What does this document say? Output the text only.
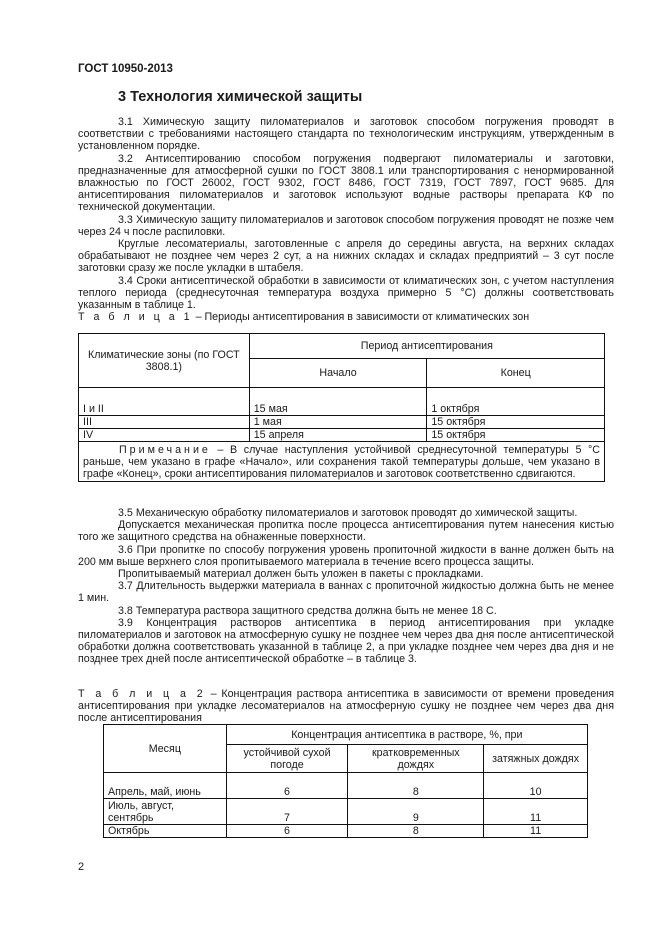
ГОСТ 10950-2013
3 Технология химической защиты

3.1 Химическую защиту пиломатериалов и заготовок способом погружения проводят в соответствии с требованиями настоящего стандарта по технологическим инструкциям, утвержденным в установленном порядке.

3.2 Антисептированию способом погружения подвергают пиломатериалы и заготовки, предназначенные для атмосферной сушки по ГОСТ 3808.1 или транспортирования с ненормированной влажностью по ГОСТ 26002, ГОСТ 9302, ГОСТ 8486, ГОСТ 7319, ГОСТ 7897, ГОСТ 9685. Для антисептирования пиломатериалов и заготовок используют водные растворы препарата КФ по технической документации.

3.3 Химическую защиту пиломатериалов и заготовок способом погружения проводят не позже чем через 24 ч после распиловки.

Круглые лесоматериалы, заготовленные с апреля до середины августа, на верхних складах обрабатывают не позднее чем через 2 сут, а на нижних складах и складах предприятий – 3 сут после заготовки сразу же после укладки в штабеля.

3.4 Сроки антисептической обработки в зависимости от климатических зон, с учетом наступления теплого периода (среднесуточная температура воздуха примерно 5 °С) должны соответствовать указанным в таблице 1.

Т а б л и ц а 1 – Периоды антисептирования в зависимости от климатических зон

Климатические зоны (по ГОСТ 3808.1)	Период антисептирования	
	Начало	Конец
I и II	15 мая	1 октября
III	1 мая	15 октября
IV	15 апреля	15 октября
Примечание – В случае наступления устойчивой среднесуточной температуры 5 °С раньше, чем указано в графе «Начало», или сохранения такой температуры дольше, чем указано в графе «Конец», сроки антисептирования пиломатериалов и заготовок соответственно сдвигаются.		

3.5 Механическую обработку пиломатериалов и заготовок проводят до химической защиты.

Допускается механическая пропитка после процесса антисептирования путем нанесения кистью того же защитного средства на обнаженные поверхности.

3.6 При пропитке по способу погружения уровень пропиточной жидкости в ванне должен быть на 200 мм выше верхнего слоя пропитываемого материала в течение всего процесса защиты.

Пропитываемый материал должен быть уложен в пакеты с прокладками.

3.7 Длительность выдержки материала в ваннах с пропиточной жидкостью должна быть не менее 1 мин.

3.8 Температура раствора защитного средства должна быть не менее 18 С.

3.9 Концентрация растворов антисептика в период антисептирования при укладке пиломатериалов и заготовок на атмосферную сушку не позднее чем через два дня после антисептической обработки должна соответствовать указанной в таблице 2, а при укладке позднее чем через два дня и не позднее трех дней после антисептической обработке – в таблице 3.

Т а б л и ц а 2 – Концентрация раствора антисептика в зависимости от времени проведения антисептирования при укладке лесоматериалов на атмосферную сушку не позднее чем через два дня после антисептирования

Месяц	Концентрация антисептика в растворе, %, при		
	устойчивой сухой погоде	кратковременных дождях	затяжных дождях
Апрель, май, июнь	6	8	10
Июль, август, сентябрь	7	9	11
Октябрь	6	8	11
2
